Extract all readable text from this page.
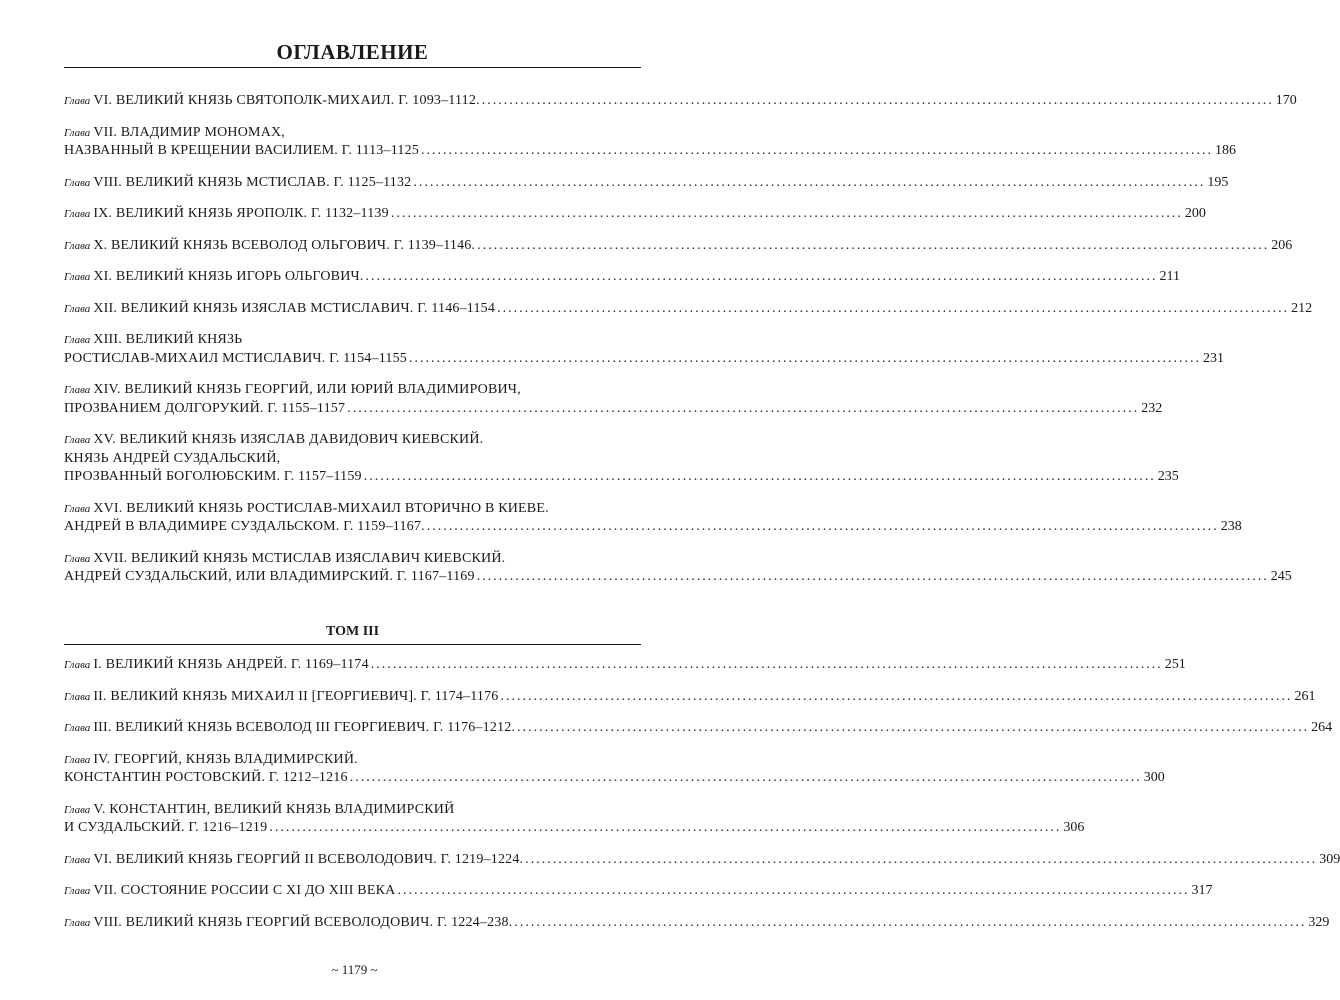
ОГЛАВЛЕНИЕ
Глава VI. ВЕЛИКИЙ КНЯЗЬ СВЯТОПОЛК-МИХАИЛ. Г. 1093–1112. ................................................................................................................................................ 170
Глава VII. ВЛАДИМИР МОНОМАХ,
НАЗВАННЫЙ В КРЕЩЕНИИ ВАСИЛИЕМ. Г. 1113–1125 ................................................................................................................................................ 186
Глава VIII. ВЕЛИКИЙ КНЯЗЬ МСТИСЛАВ. Г. 1125–1132 ................................................................................................................................................ 195
Глава IX. ВЕЛИКИЙ КНЯЗЬ ЯРОПОЛК. Г. 1132–1139 ................................................................................................................................................ 200
Глава X. ВЕЛИКИЙ КНЯЗЬ ВСЕВОЛОД ОЛЬГОВИЧ. Г. 1139–1146. ................................................................................................................................................ 206
Глава XI. ВЕЛИКИЙ КНЯЗЬ ИГОРЬ ОЛЬГОВИЧ. ................................................................................................................................................ 211
Глава XII. ВЕЛИКИЙ КНЯЗЬ ИЗЯСЛАВ МСТИСЛАВИЧ. Г. 1146–1154 ................................................................................................................................................ 212
Глава XIII. ВЕЛИКИЙ КНЯЗЬ
РОСТИСЛАВ-МИХАИЛ МСТИСЛАВИЧ. Г. 1154–1155 ................................................................................................................................................ 231
Глава XIV. ВЕЛИКИЙ КНЯЗЬ ГЕОРГИЙ, ИЛИ ЮРИЙ ВЛАДИМИРОВИЧ,
ПРОЗВАНИЕМ ДОЛГОРУКИЙ. Г. 1155–1157 ................................................................................................................................................ 232
Глава XV. ВЕЛИКИЙ КНЯЗЬ ИЗЯСЛАВ ДАВИДОВИЧ КИЕВСКИЙ.
КНЯЗЬ АНДРЕЙ СУЗДАЛЬСКИЙ,
ПРОЗВАННЫЙ БОГОЛЮБСКИМ. Г. 1157–1159 ................................................................................................................................................ 235
Глава XVI. ВЕЛИКИЙ КНЯЗЬ РОСТИСЛАВ-МИХАИЛ ВТОРИЧНО В КИЕВЕ.
АНДРЕЙ В ВЛАДИМИРЕ СУЗДАЛЬСКОМ. Г. 1159–1167. ................................................................................................................................................ 238
Глава XVII. ВЕЛИКИЙ КНЯЗЬ МСТИСЛАВ ИЗЯСЛАВИЧ КИЕВСКИЙ.
АНДРЕЙ СУЗДАЛЬСКИЙ, ИЛИ ВЛАДИМИРСКИЙ. Г. 1167–1169 ................................................................................................................................................ 245
ТОМ III
Глава I. ВЕЛИКИЙ КНЯЗЬ АНДРЕЙ. Г. 1169–1174 ................................................................................................................................................ 251
Глава II. ВЕЛИКИЙ КНЯЗЬ МИХАИЛ II [ГЕОРГИЕВИЧ]. Г. 1174–1176 ................................................................................................................................................ 261
Глава III. ВЕЛИКИЙ КНЯЗЬ ВСЕВОЛОД III ГЕОРГИЕВИЧ. Г. 1176–1212. ................................................................................................................................................ 264
Глава IV. ГЕОРГИЙ, КНЯЗЬ ВЛАДИМИРСКИЙ.
КОНСТАНТИН РОСТОВСКИЙ. Г. 1212–1216 ................................................................................................................................................ 300
Глава V. КОНСТАНТИН, ВЕЛИКИЙ КНЯЗЬ ВЛАДИМИРСКИЙ
И СУЗДАЛЬСКИЙ. Г. 1216–1219 ................................................................................................................................................ 306
Глава VI. ВЕЛИКИЙ КНЯЗЬ ГЕОРГИЙ II ВСЕВОЛОДОВИЧ. Г. 1219–1224. ................................................................................................................................................ 309
Глава VII. СОСТОЯНИЕ РОССИИ С XI ДО XIII ВЕКА ................................................................................................................................................ 317
Глава VIII. ВЕЛИКИЙ КНЯЗЬ ГЕОРГИЙ ВСЕВОЛОДОВИЧ. Г. 1224–238. ................................................................................................................................................ 329
~ 1179 ~
